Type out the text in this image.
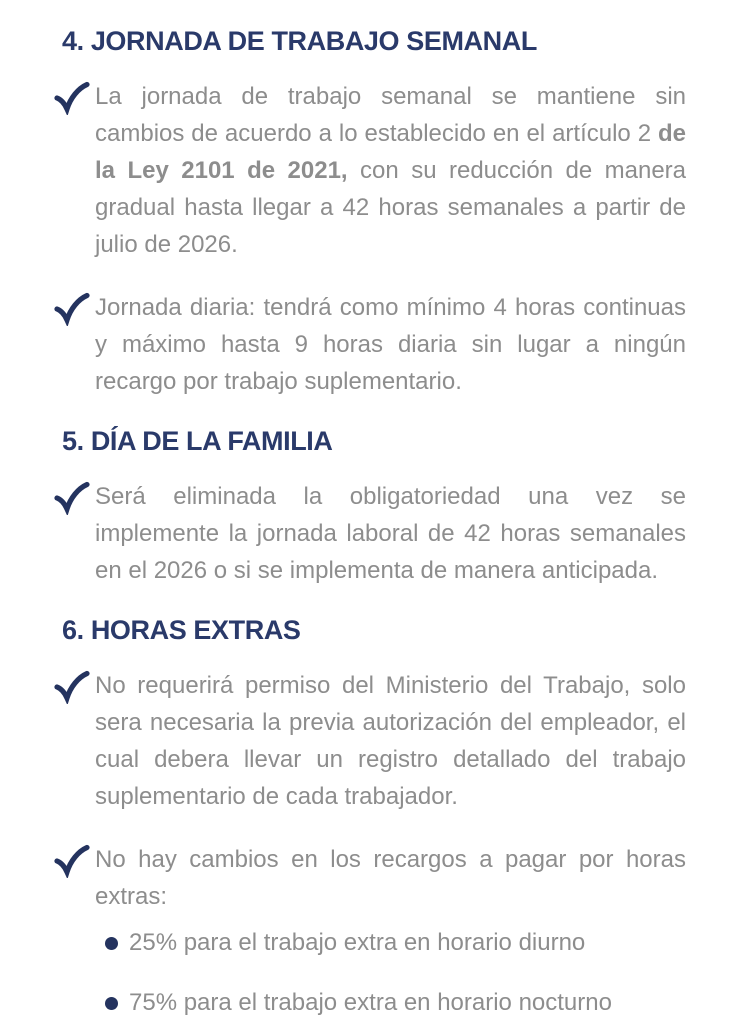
4. JORNADA DE TRABAJO SEMANAL

La jornada de trabajo semanal se mantiene sin cambios de acuerdo a lo establecido en el artículo 2 de la Ley 2101 de 2021, con su reducción de manera gradual hasta llegar a 42 horas semanales a partir de julio de 2026.

Jornada diaria: tendrá como mínimo 4 horas continuas y máximo hasta 9 horas diaria sin lugar a ningún recargo por trabajo suplementario.

5. DÍA DE LA FAMILIA

Será eliminada la obligatoriedad una vez se implemente la jornada laboral de 42 horas semanales en el 2026 o si se implementa de manera anticipada.

6. HORAS EXTRAS

No requerirá permiso del Ministerio del Trabajo, solo sera necesaria la previa autorización del empleador, el cual debera llevar un registro detallado del trabajo suplementario de cada trabajador.

No hay cambios en los recargos a pagar por horas extras:

25% para el trabajo extra en horario diurno
75% para el trabajo extra en horario nocturno
